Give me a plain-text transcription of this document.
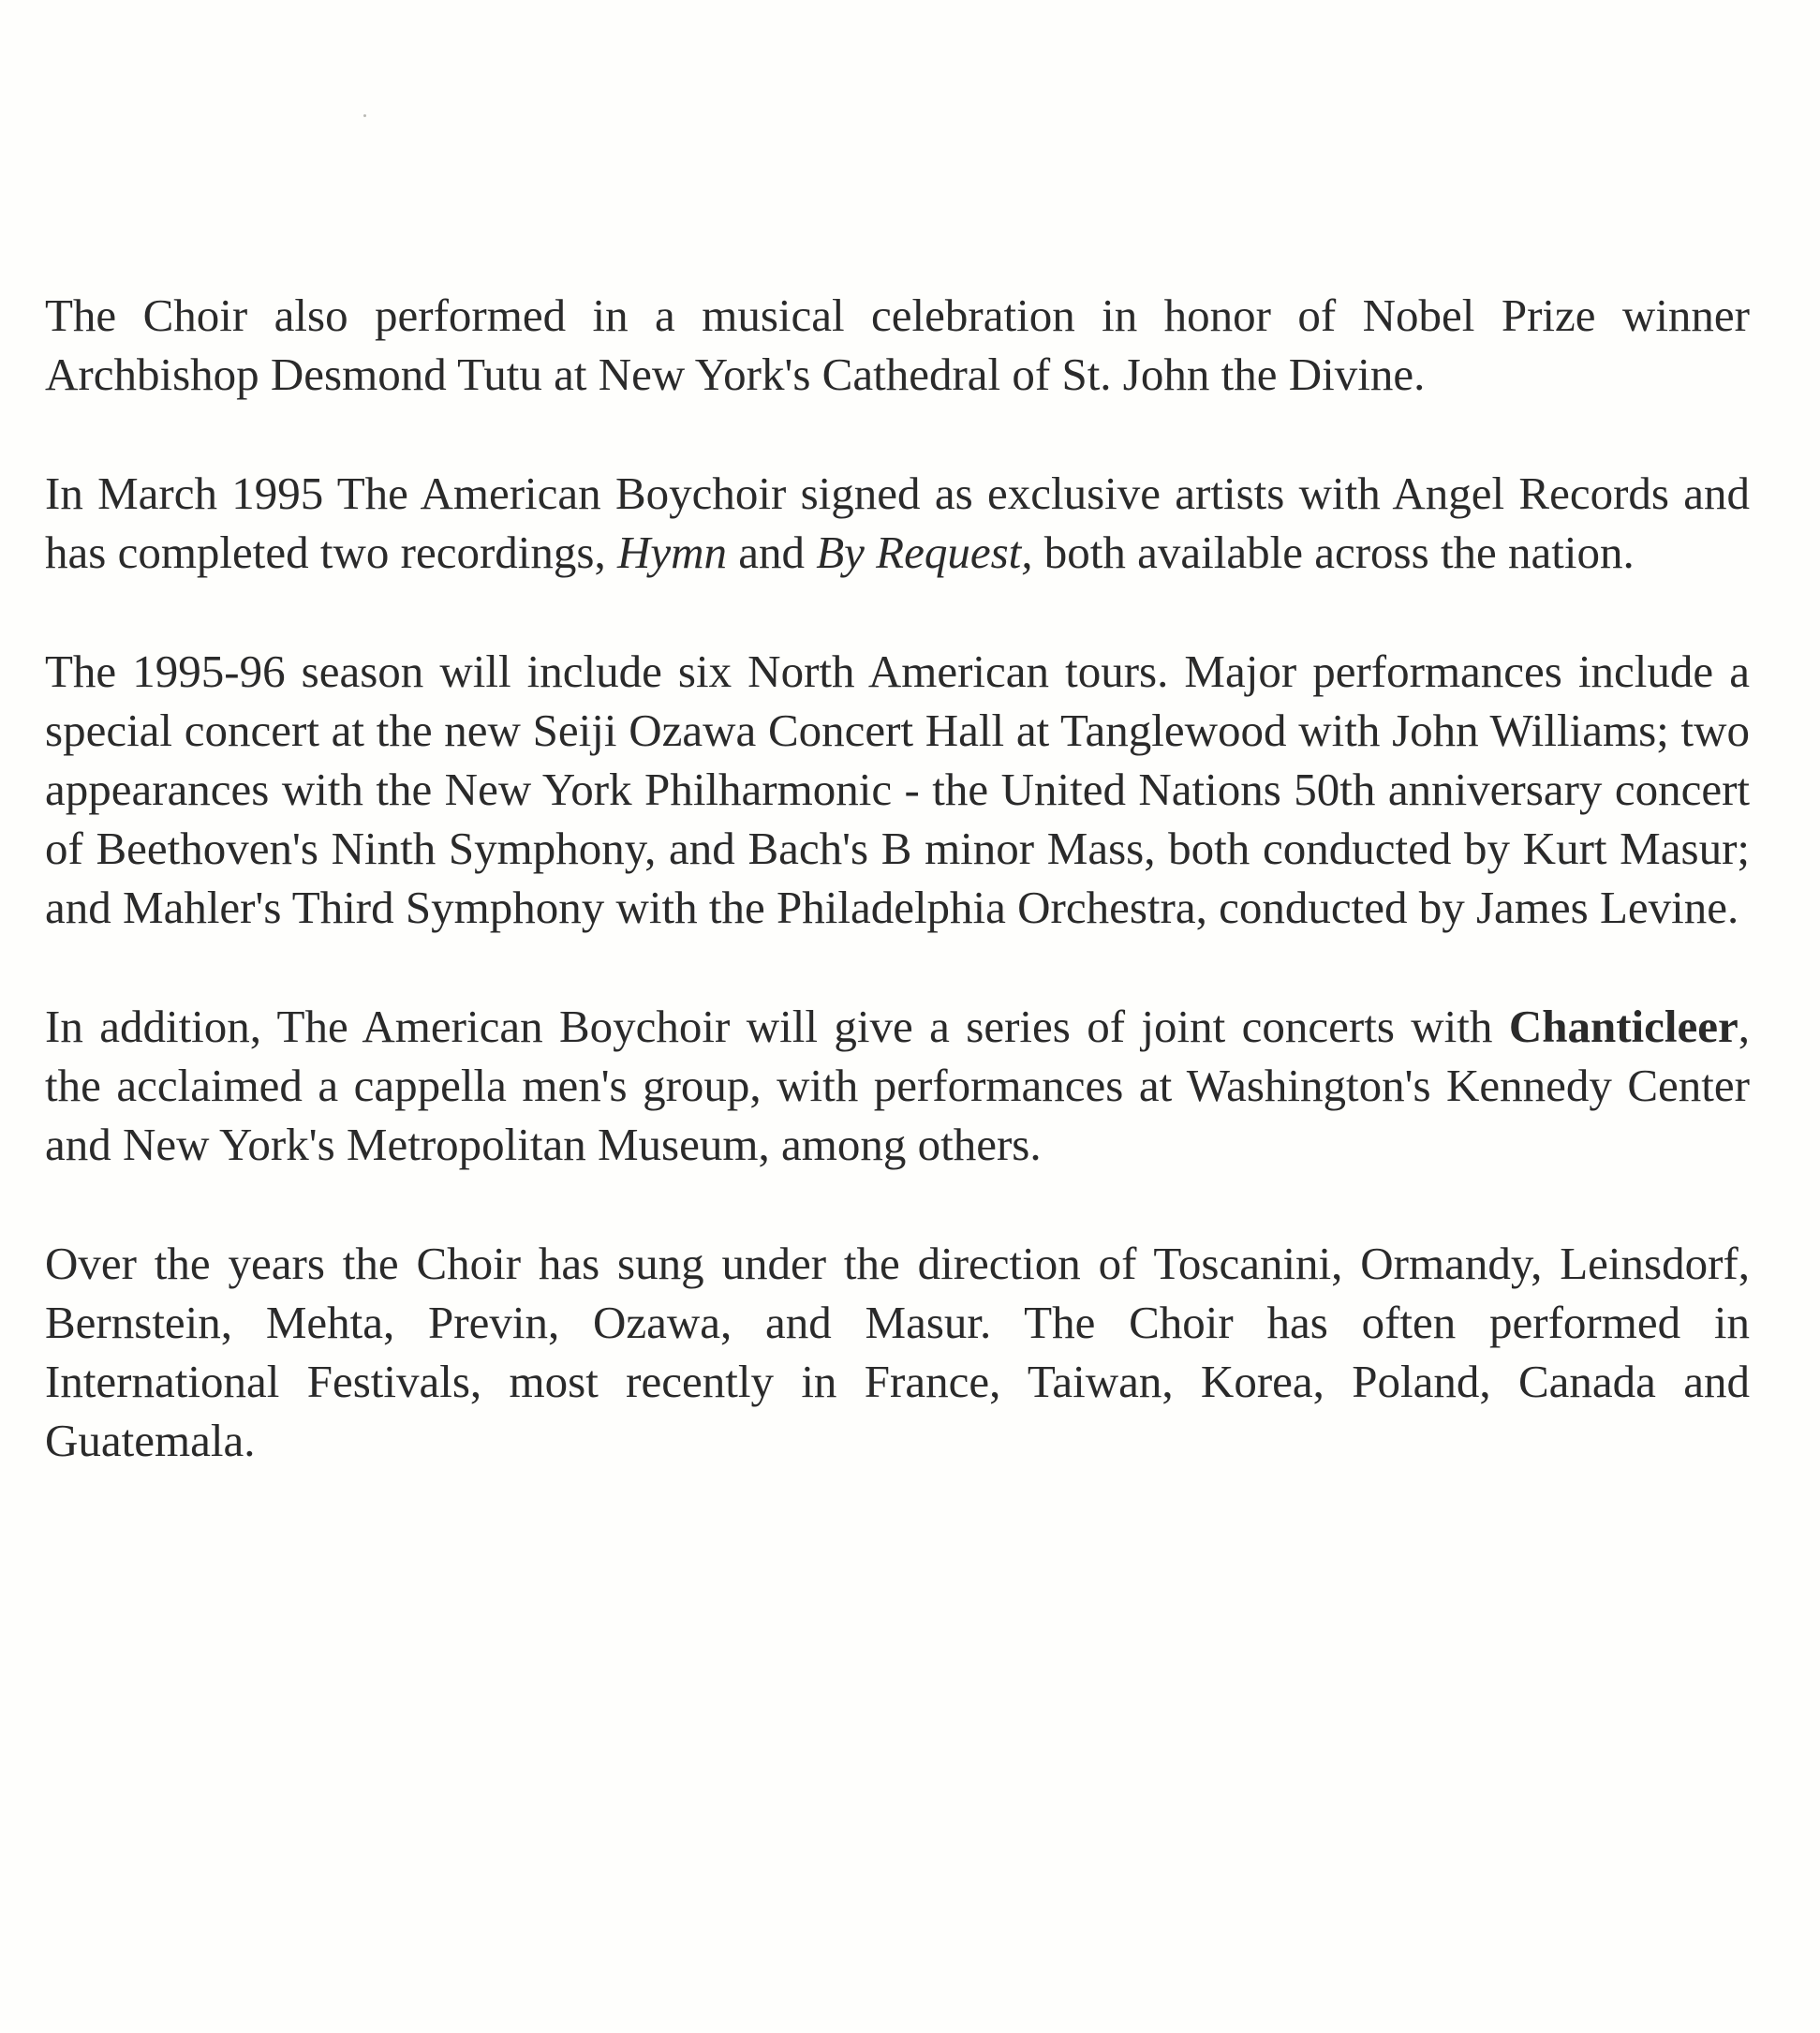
The Choir also performed in a musical celebration in honor of Nobel Prize winner Archbishop Desmond Tutu at New York's Cathedral of St. John the Divine.

In March 1995 The American Boychoir signed as exclusive artists with Angel Records and has completed two recordings, Hymn and By Request, both available across the nation.

The 1995-96 season will include six North American tours. Major performances include a special concert at the new Seiji Ozawa Concert Hall at Tanglewood with John Williams; two appearances with the New York Philharmonic - the United Nations 50th anniversary concert of Beethoven's Ninth Symphony, and Bach's B minor Mass, both conducted by Kurt Masur; and Mahler's Third Symphony with the Philadelphia Orchestra, conducted by James Levine.

In addition, The American Boychoir will give a series of joint concerts with Chanticleer, the acclaimed a cappella men's group, with performances at Washington's Kennedy Center and New York's Metropolitan Museum, among others.

Over the years the Choir has sung under the direction of Toscanini, Ormandy, Leinsdorf, Bernstein, Mehta, Previn, Ozawa, and Masur. The Choir has often performed in International Festivals, most recently in France, Taiwan, Korea, Poland, Canada and Guatemala.
